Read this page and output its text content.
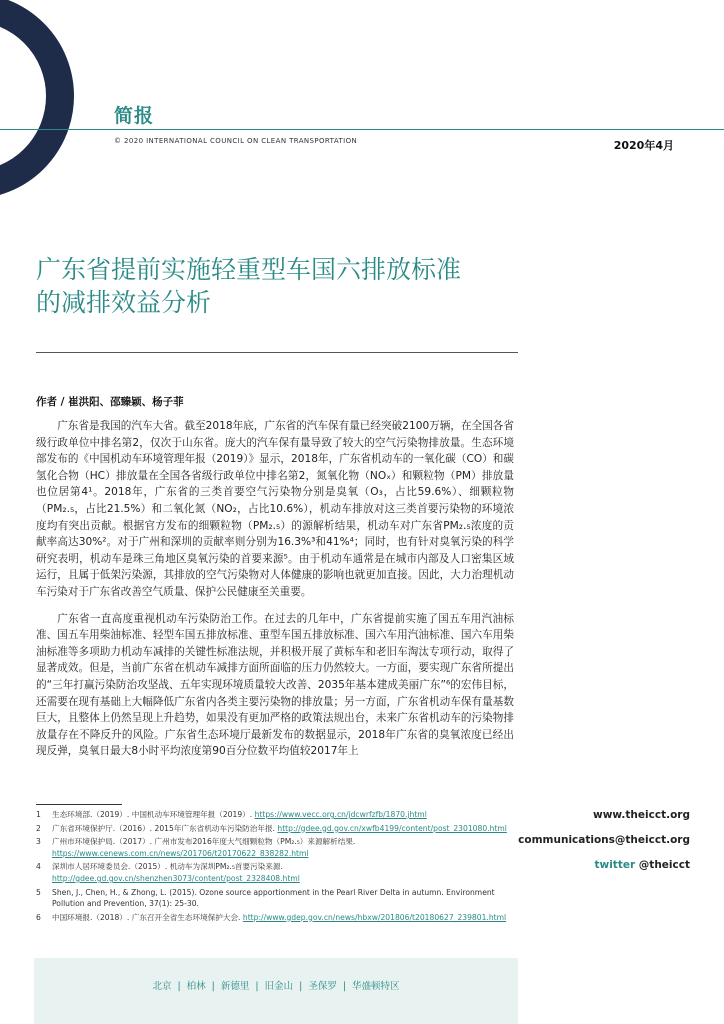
简报
© 2020 INTERNATIONAL COUNCIL ON CLEAN TRANSPORTATION	2020年4月
广东省提前实施轻重型车国六排放标准
的减排效益分析
作者 / 崔洪阳、邵臻颖、杨子菲

广东省是我国的汽车大省。截至2018年底，广东省的汽车保有量已经突破2100万辆，在全国各省级行政单位中排名第2，仅次于山东省。庞大的汽车保有量导致了较大的空气污染物排放量。生态环境部发布的《中国机动车环境管理年报（2019）》显示，2018年，广东省机动车的一氧化碳（CO）和碳氢化合物（HC）排放量在全国各省级行政单位中排名第2，氮氧化物（NOₓ）和颗粒物（PM）排放量也位居第4¹。2018年，广东省的三类首要空气污染物分别是臭氧（O₃，占比59.6%）、细颗粒物（PM₂.₅，占比21.5%）和二氧化氮（NO₂，占比10.6%），机动车排放对这三类首要污染物的环境浓度均有突出贡献。根据官方发布的细颗粒物（PM₂.₅）的源解析结果，机动车对广东省PM₂.₅浓度的贡献率高达30%²。对于广州和深圳的贡献率则分别为16.3%³和41%⁴；同时，也有针对臭氧污染的科学研究表明，机动车是珠三角地区臭氧污染的首要来源⁵。由于机动车通常是在城市内部及人口密集区域运行，且属于低架污染源，其排放的空气污染物对人体健康的影响也就更加直接。因此，大力治理机动车污染对于广东省改善空气质量、保护公民健康至关重要。

广东省一直高度重视机动车污染防治工作。在过去的几年中，广东省提前实施了国五车用汽油标准、国五车用柴油标准、轻型车国五排放标准、重型车国五排放标准、国六车用汽油标准、国六车用柴油标准等多项助力机动车减排的关键性标准法规，并积极开展了黄标车和老旧车淘汰专项行动，取得了显著成效。但是，当前广东省在机动车减排方面所面临的压力仍然较大。一方面，要实现广东省所提出的“三年打赢污染防治攻坚战、五年实现环境质量较大改善、2035年基本建成美丽广东”⁶的宏伟目标，还需要在现有基础上大幅降低广东省内各类主要污染物的排放量；另一方面，广东省机动车保有量基数巨大，且整体上仍然呈现上升趋势，如果没有更加严格的政策法规出台，未来广东省机动车的污染物排放量存在不降反升的风险。广东省生态环境厅最新发布的数据显示，2018年广东省的臭氧浓度已经出现反弹，臭氧日最大8小时平均浓度第90百分位数平均值较2017年上

1	生态环境部.（2019）. 中国机动车环境管理年报（2019）. https://www.vecc.org.cn/jdcwrfzfb/1870.jhtml
2	广东省环境保护厅.（2016）. 2015年广东省机动车污染防治年报. http://gdee.gd.gov.cn/xwfb4199/content/post_2301080.html
3	广州市环境保护局.（2017）. 广州市发布2016年度大气细颗粒物（PM₂.₅）来源解析结果. https://www.cenews.com.cn/news/201706/t20170622_838282.html
4	深圳市人居环境委员会.（2015）. 机动车为深圳PM₂.₅首要污染来源. http://gdee.gd.gov.cn/shenzhen3073/content/post_2328408.html
5	Shen, J., Chen, H., & Zhong, L. (2015). Ozone source apportionment in the Pearl River Delta in autumn. Environment Pollution and Prevention, 37(1): 25-30.
6	中国环境报.（2018）. 广东召开全省生态环境保护大会. http://www.gdep.gov.cn/news/hbxw/201806/t20180627_239801.html
www.theicct.org
communications@theicct.org
twitter @theicct
北京 | 柏林 | 新德里 | 旧金山 | 圣保罗 | 华盛顿特区
